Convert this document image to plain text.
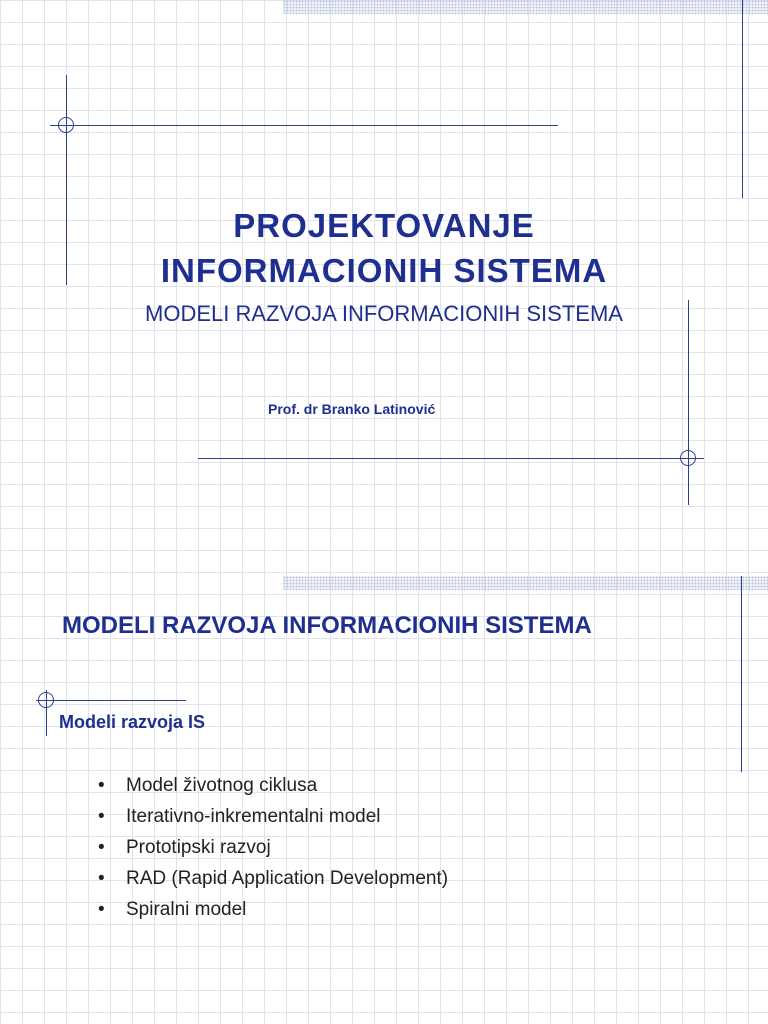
PROJEKTOVANJE
INFORMACIONIH SISTEMA
MODELI RAZVOJA INFORMACIONIH SISTEMA
Prof. dr Branko Latinović
MODELI RAZVOJA INFORMACIONIH SISTEMA
Modeli razvoja IS
• Model životnog ciklusa
• Iterativno-inkrementalni model
• Prototipski razvoj
• RAD (Rapid Application Development)
• Spiralni model
